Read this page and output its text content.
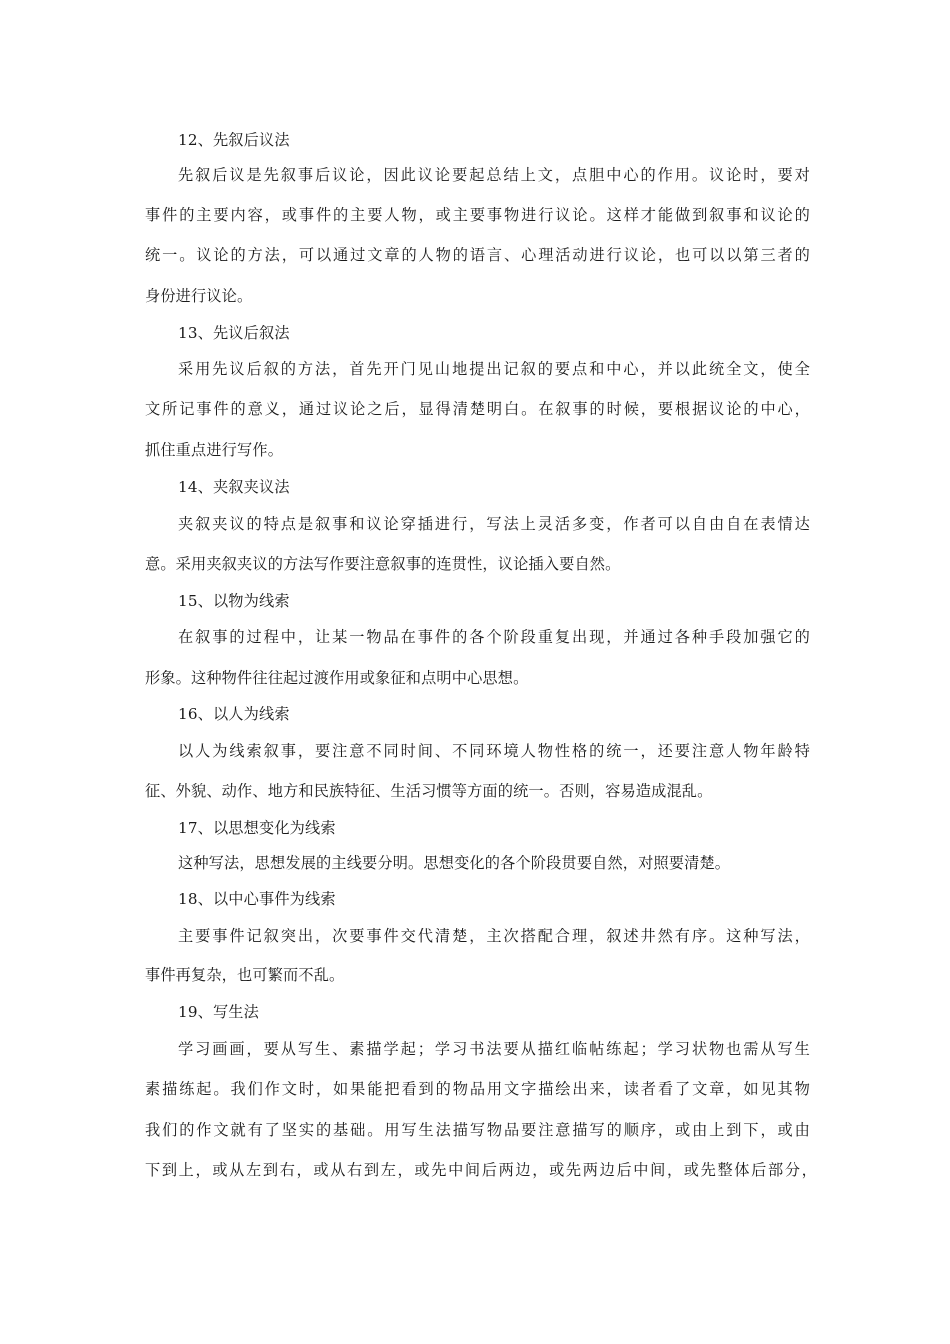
12、先叙后议法
先叙后议是先叙事后议论，因此议论要起总结上文，点胆中心的作用。议论时，要对
事件的主要内容，或事件的主要人物，或主要事物进行议论。这样才能做到叙事和议论的
统一。议论的方法，可以通过文章的人物的语言、心理活动进行议论，也可以以第三者的
身份进行议论。
13、先议后叙法
采用先议后叙的方法，首先开门见山地提出记叙的要点和中心，并以此统全文，使全
文所记事件的意义，通过议论之后，显得清楚明白。在叙事的时候，要根据议论的中心，
抓住重点进行写作。
14、夹叙夹议法
夹叙夹议的特点是叙事和议论穿插进行，写法上灵活多变，作者可以自由自在表情达
意。采用夹叙夹议的方法写作要注意叙事的连贯性，议论插入要自然。
15、以物为线索
在叙事的过程中，让某一物品在事件的各个阶段重复出现，并通过各种手段加强它的
形象。这种物件往往起过渡作用或象征和点明中心思想。
16、以人为线索
以人为线索叙事，要注意不同时间、不同环境人物性格的统一，还要注意人物年龄特
征、外貌、动作、地方和民族特征、生活习惯等方面的统一。否则，容易造成混乱。
17、以思想变化为线索
这种写法，思想发展的主线要分明。思想变化的各个阶段贯要自然，对照要清楚。
18、以中心事件为线索
主要事件记叙突出，次要事件交代清楚，主次搭配合理，叙述井然有序。这种写法，
事件再复杂，也可繁而不乱。
19、写生法
学习画画，要从写生、素描学起；学习书法要从描红临帖练起；学习状物也需从写生
素描练起。我们作文时，如果能把看到的物品用文字描绘出来，读者看了文章，如见其物
我们的作文就有了坚实的基础。用写生法描写物品要注意描写的顺序，或由上到下，或由
下到上，或从左到右，或从右到左，或先中间后两边，或先两边后中间，或先整体后部分，
